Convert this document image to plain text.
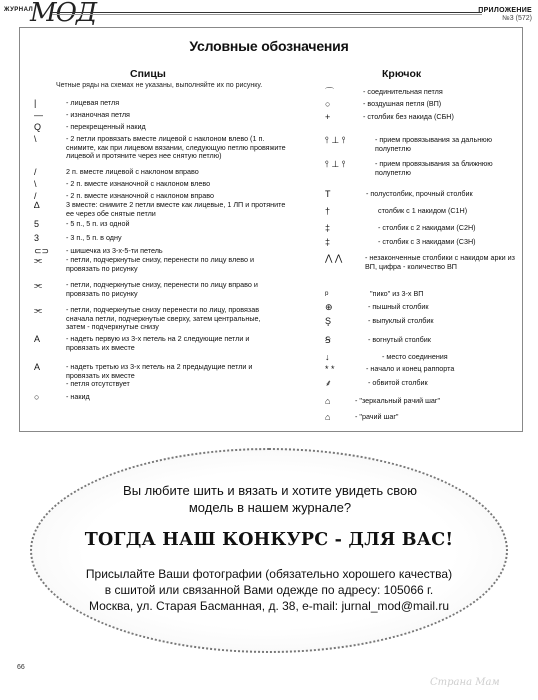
ЖУРНАЛ
МОД	ПРИЛОЖЕНИЕ
№3 (572)
Условные обозначения
Спицы	Крючок
Четные ряды на схемах не указаны, выполняйте их по рисунку.
|	- лицевая петля
—	- изнаночная петля
Q	- перекрещенный накид
\	- 2 петли провязать вместе лицевой с наклоном влево (1 п. снимите, как при лицевом вязании, следующую петлю провяжите лицевой и протяните через нее снятую петлю)
/	2 п. вместе лицевой с наклоном вправо
\	- 2 п. вместе изнаночной с наклоном влево
/	- 2 п. вместе изнаночной с наклоном вправо
∆	3 вместе: снимите 2 петли вместе как лицевые, 1 ЛП и протяните ее через обе снятые петли
5	- 5 п., 5 п. из одной
3	- 3 п., 5 п. в одну
⊂⊃	- шишечка из 3-х-5-ти петель
⫘	- петли, подчеркнутые снизу, перенести по лицу влево и провязать по рисунку
⫘	- петли, подчеркнутые снизу, перенести по лицу вправо и провязать по рисунку
⫘	- петли, подчеркнутые снизу перенести по лицу, провязав сначала петли, подчеркнутые сверху, затем центральные, затем - подчеркнутые снизу
A	- надеть первую из 3-х петель на 2 следующие петли и провязать их вместе
A	- надеть третью из 3-х петель на 2 предыдущие петли и провязать их вместе
- петля отсутствует
○	- накид
⌒	- соединительная петля
○	- воздушная петля (ВП)
+	- столбик без накида (СБН)
⫯ ⊥ ⫯	- прием провязывания за дальнюю полупетлю
⫯ ⊥ ⫯	- прием провязывания за ближнюю полупетлю
T	- полустолбик, прочный столбик
†	столбик с 1 накидом (С1Н)
‡	- столбик с 2 накидами (С2Н)
‡	- столбик с 3 накидами (С3Н)
⋀ ⋀	- незаконченные столбики с накидом арки из ВП, цифра - количество ВП
ᵖ	"пико" из 3-х ВП
⊕	- пышный столбик
Ş	- выпуклый столбик
Ꞩ	- вогнутый столбик
↓	- место соединения
* *	- начало и конец раппорта
⸙	- обвитой столбик
⌂	- "зеркальный рачий шаг"
⌂	- "рачий шаг"
Вы любите шить и вязать и хотите увидеть свою модель в нашем журнале?
ТОГДА НАШ КОНКУРС - ДЛЯ ВАС!
Присылайте Ваши фотографии (обязательно хорошего качества)
в сшитой или связанной Вами одежде по адресу: 105066 г.
Москва, ул. Старая Басманная, д. 38, e-mail: jurnal_mod@mail.ru
66
Страна Мам
